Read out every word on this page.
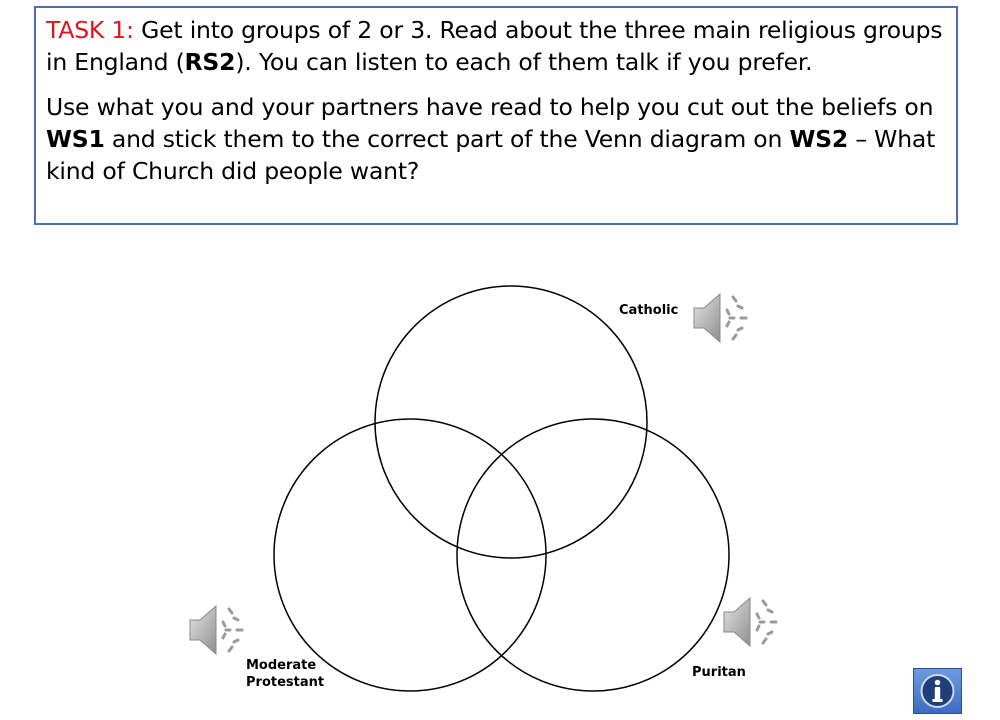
TASK 1: Get into groups of 2 or 3. Read about the three main religious groups in England (RS2). You can listen to each of them talk if you prefer.

Use what you and your partners have read to help you cut out the beliefs on WS1 and stick them to the correct part of the Venn diagram on WS2 – What kind of Church did people want?

Catholic
Moderate
Protestant
Puritan
